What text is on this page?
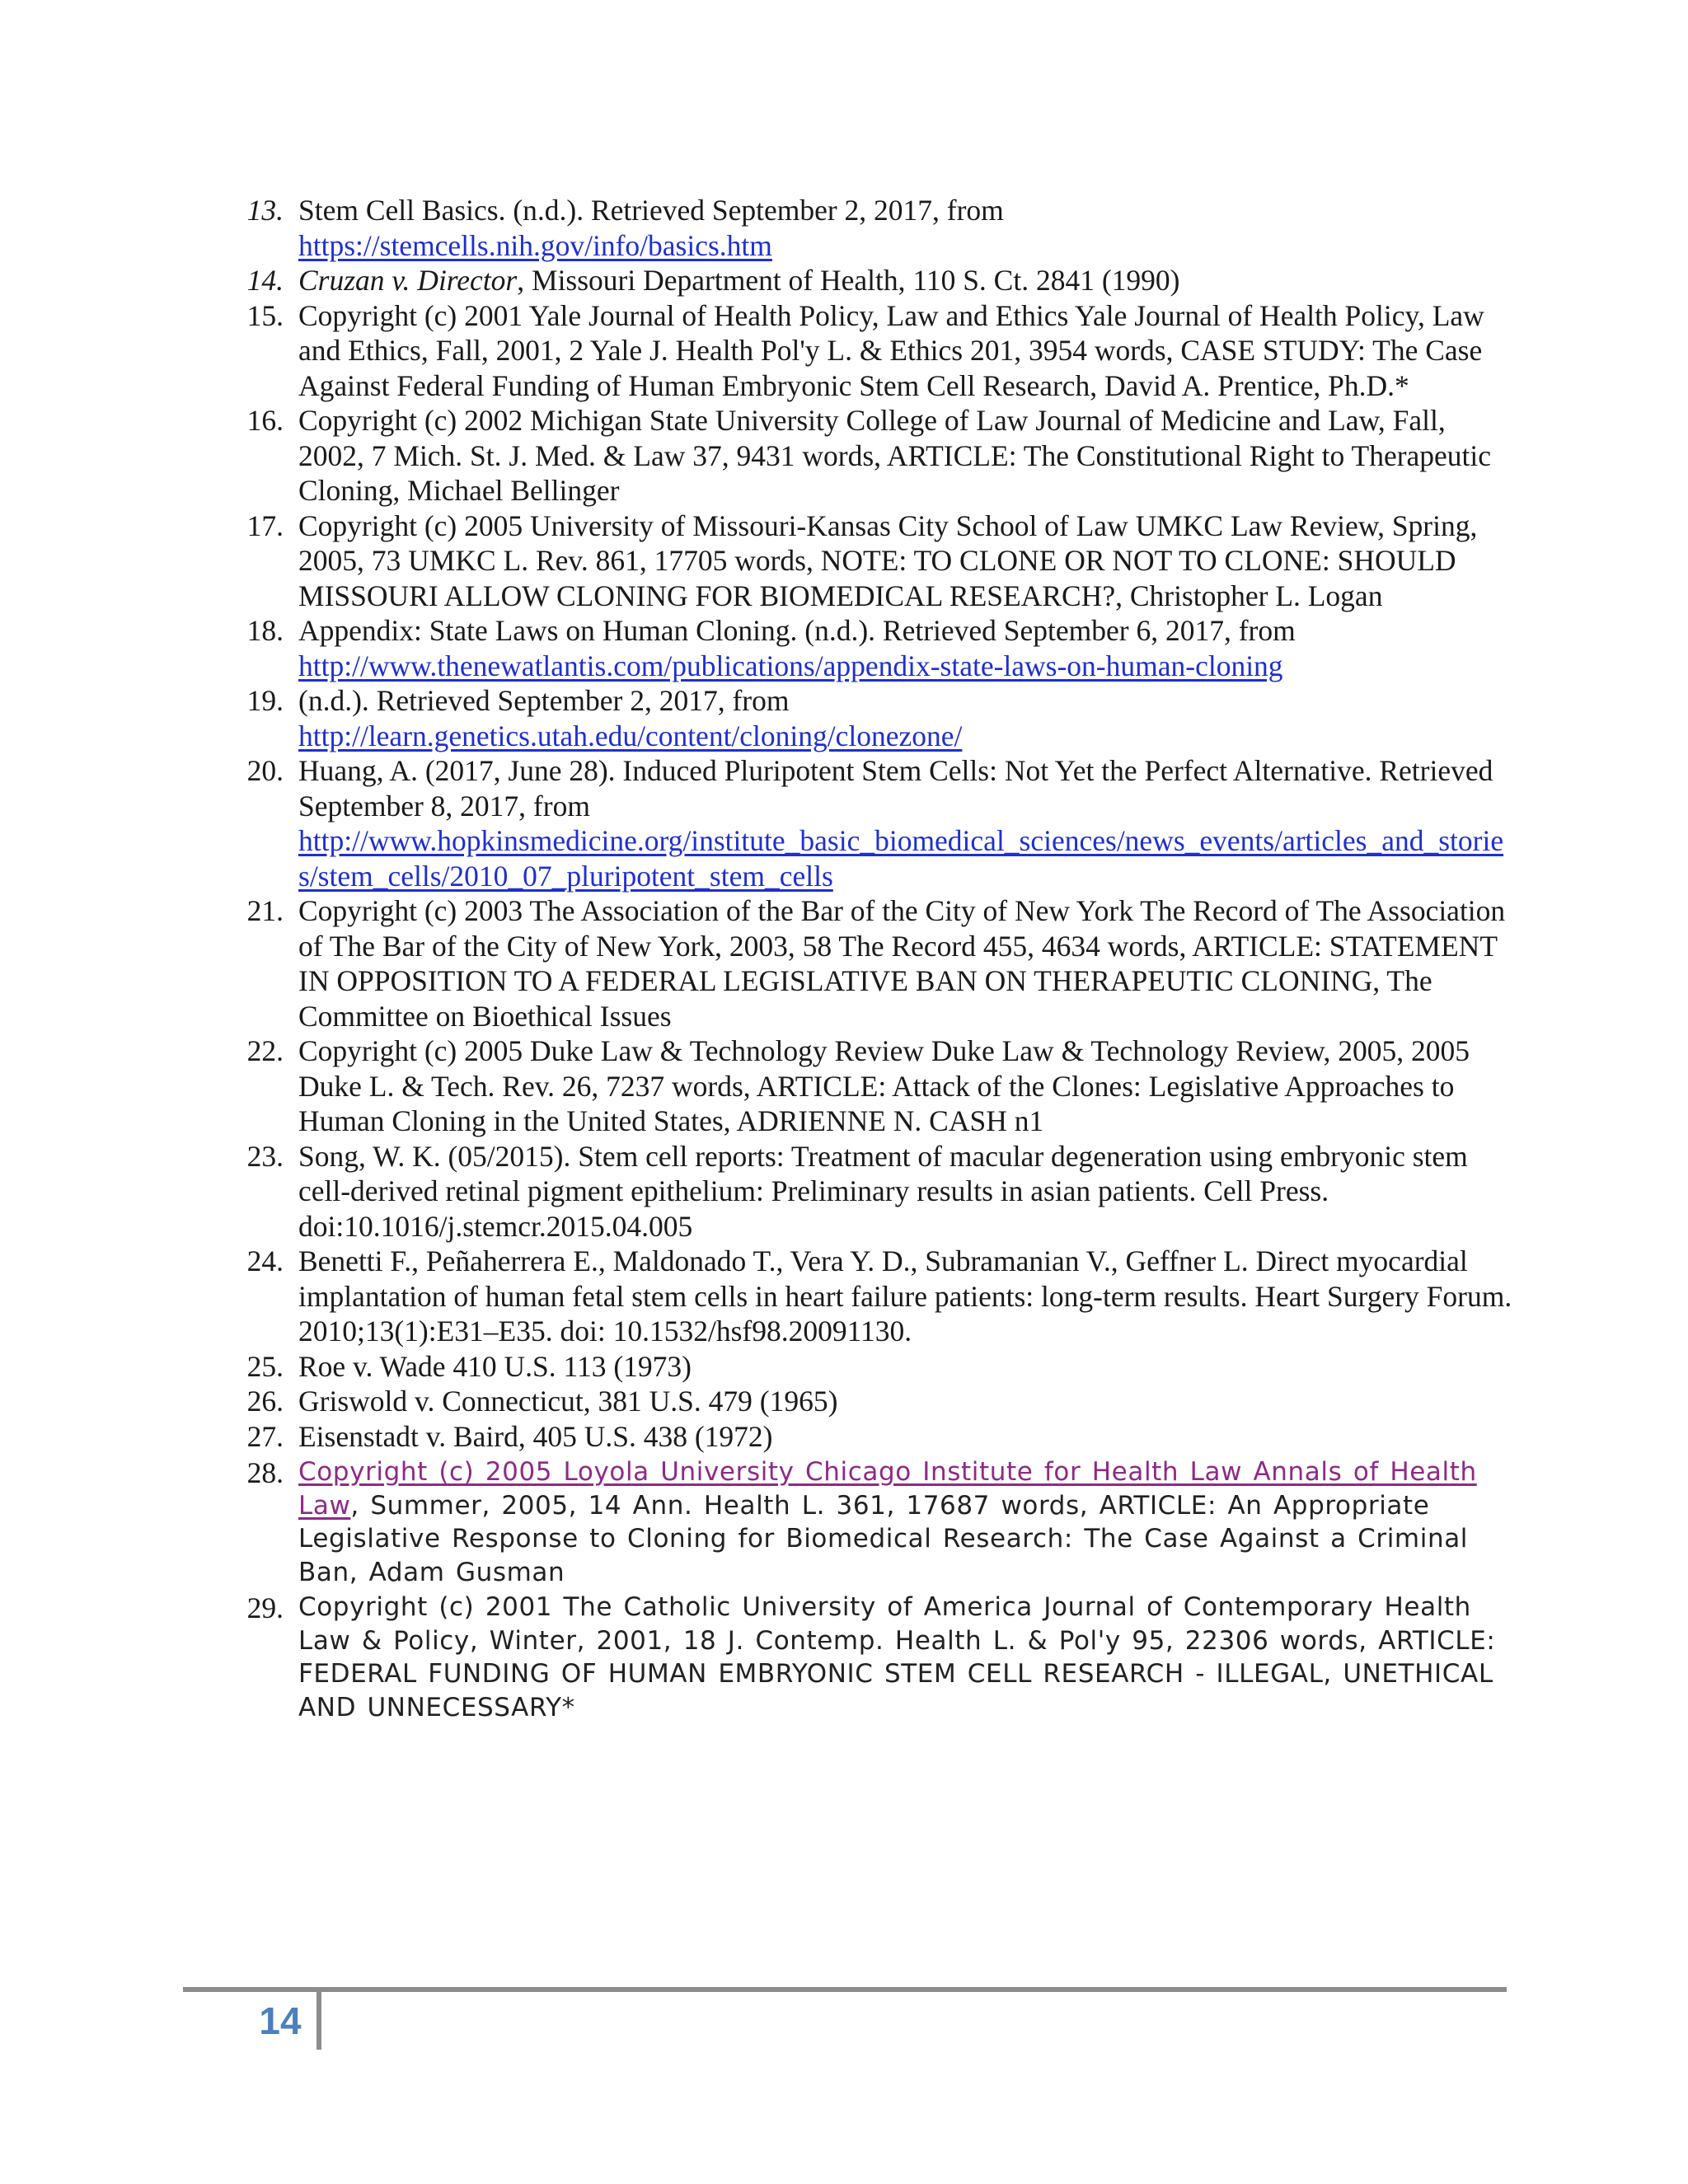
13. Stem Cell Basics. (n.d.). Retrieved September 2, 2017, from
https://stemcells.nih.gov/info/basics.htm
14. Cruzan v. Director, Missouri Department of Health, 110 S. Ct. 2841 (1990)
15. Copyright (c) 2001 Yale Journal of Health Policy, Law and Ethics Yale Journal of Health Policy, Law and Ethics, Fall, 2001, 2 Yale J. Health Pol'y L. & Ethics 201, 3954 words, CASE STUDY: The Case Against Federal Funding of Human Embryonic Stem Cell Research, David A. Prentice, Ph.D.*
16. Copyright (c) 2002 Michigan State University College of Law Journal of Medicine and Law, Fall, 2002, 7 Mich. St. J. Med. & Law 37, 9431 words, ARTICLE: The Constitutional Right to Therapeutic Cloning, Michael Bellinger
17. Copyright (c) 2005 University of Missouri-Kansas City School of Law UMKC Law Review, Spring, 2005, 73 UMKC L. Rev. 861, 17705 words, NOTE: TO CLONE OR NOT TO CLONE: SHOULD MISSOURI ALLOW CLONING FOR BIOMEDICAL RESEARCH?, Christopher L. Logan
18. Appendix: State Laws on Human Cloning. (n.d.). Retrieved September 6, 2017, from
http://www.thenewatlantis.com/publications/appendix-state-laws-on-human-cloning
19. (n.d.). Retrieved September 2, 2017, from
http://learn.genetics.utah.edu/content/cloning/clonezone/
20. Huang, A. (2017, June 28). Induced Pluripotent Stem Cells: Not Yet the Perfect Alternative. Retrieved September 8, 2017, from
http://www.hopkinsmedicine.org/institute_basic_biomedical_sciences/news_events/articles_and_stories/stem_cells/2010_07_pluripotent_stem_cells
21. Copyright (c) 2003 The Association of the Bar of the City of New York The Record of The Association of The Bar of the City of New York, 2003, 58 The Record 455, 4634 words, ARTICLE: STATEMENT IN OPPOSITION TO A FEDERAL LEGISLATIVE BAN ON THERAPEUTIC CLONING, The Committee on Bioethical Issues
22. Copyright (c) 2005 Duke Law & Technology Review Duke Law & Technology Review, 2005, 2005 Duke L. & Tech. Rev. 26, 7237 words, ARTICLE: Attack of the Clones: Legislative Approaches to Human Cloning in the United States, ADRIENNE N. CASH n1
23. Song, W. K. (05/2015). Stem cell reports: Treatment of macular degeneration using embryonic stem cell-derived retinal pigment epithelium: Preliminary results in asian patients. Cell Press. doi:10.1016/j.stemcr.2015.04.005
24. Benetti F., Peñaherrera E., Maldonado T., Vera Y. D., Subramanian V., Geffner L. Direct myocardial implantation of human fetal stem cells in heart failure patients: long-term results. Heart Surgery Forum. 2010;13(1):E31–E35. doi: 10.1532/hsf98.20091130.
25. Roe v. Wade 410 U.S. 113 (1973)
26. Griswold v. Connecticut, 381 U.S. 479 (1965)
27. Eisenstadt v. Baird, 405 U.S. 438 (1972)
28. Copyright (c) 2005 Loyola University Chicago Institute for Health Law Annals of Health Law, Summer, 2005, 14 Ann. Health L. 361, 17687 words, ARTICLE: An Appropriate Legislative Response to Cloning for Biomedical Research: The Case Against a Criminal Ban, Adam Gusman
29. Copyright (c) 2001 The Catholic University of America Journal of Contemporary Health Law & Policy, Winter, 2001, 18 J. Contemp. Health L. & Pol'y 95, 22306 words, ARTICLE: FEDERAL FUNDING OF HUMAN EMBRYONIC STEM CELL RESEARCH - ILLEGAL, UNETHICAL AND UNNECESSARY*
14
